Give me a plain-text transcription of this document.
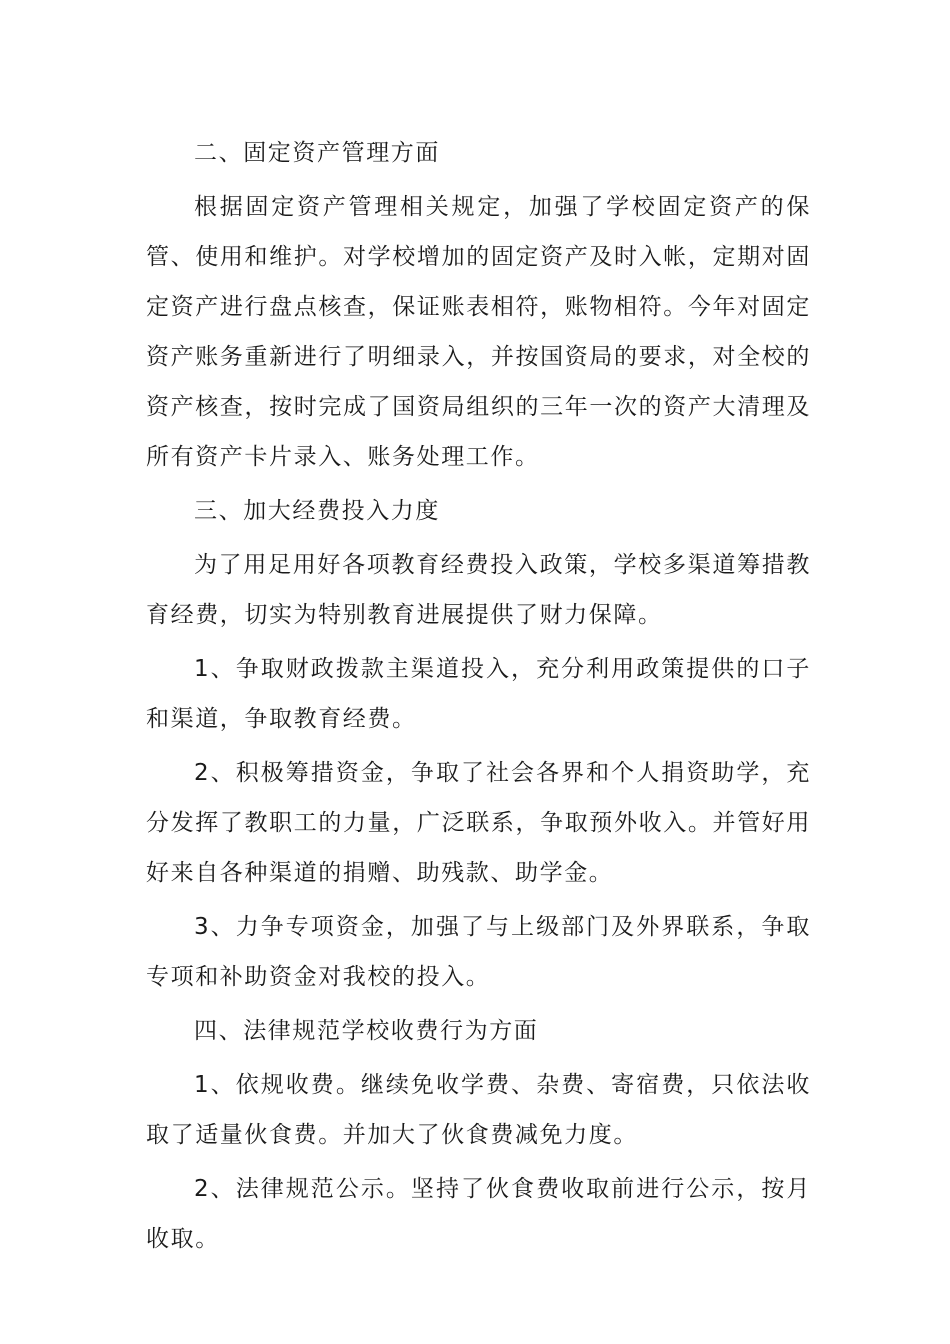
二、固定资产管理方面

根据固定资产管理相关规定，加强了学校固定资产的保管、使用和维护。对学校增加的固定资产及时入帐，定期对固定资产进行盘点核查，保证账表相符，账物相符。今年对固定资产账务重新进行了明细录入，并按国资局的要求，对全校的资产核查，按时完成了国资局组织的三年一次的资产大清理及所有资产卡片录入、账务处理工作。

三、加大经费投入力度

为了用足用好各项教育经费投入政策，学校多渠道筹措教育经费，切实为特别教育进展提供了财力保障。

1、争取财政拨款主渠道投入，充分利用政策提供的口子和渠道，争取教育经费。

2、积极筹措资金，争取了社会各界和个人捐资助学，充分发挥了教职工的力量，广泛联系，争取预外收入。并管好用好来自各种渠道的捐赠、助残款、助学金。

3、力争专项资金，加强了与上级部门及外界联系，争取专项和补助资金对我校的投入。

四、法律规范学校收费行为方面

1、依规收费。继续免收学费、杂费、寄宿费，只依法收取了适量伙食费。并加大了伙食费减免力度。

2、法律规范公示。坚持了伙食费收取前进行公示，按月收取。
